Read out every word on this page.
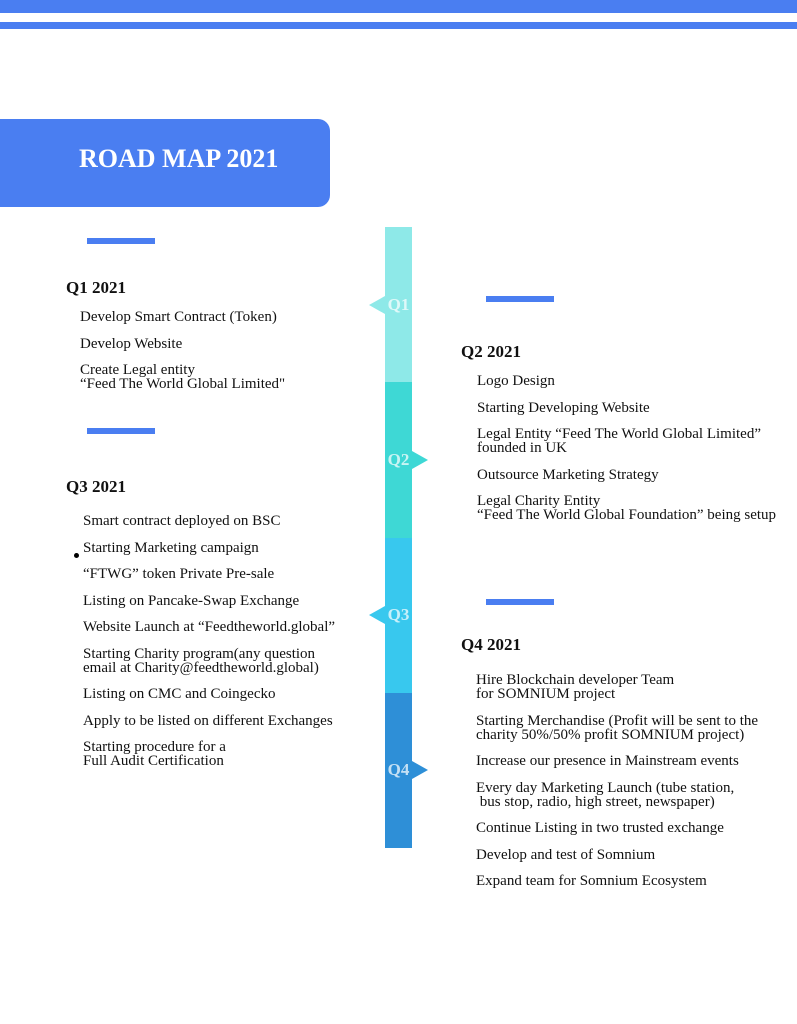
ROAD MAP 2021
Q1
Q2
Q3
Q4
Q1 2021
Develop Smart Contract (Token)
Develop Website
Create Legal entity
“Feed The World Global Limited"
Q3 2021
Smart contract deployed on BSC
Starting Marketing campaign
“FTWG” token Private Pre-sale
Listing on Pancake-Swap Exchange
Website Launch at “Feedtheworld.global”
Starting Charity program(any question
email at Charity@feedtheworld.global)
Listing on CMC and Coingecko
Apply to be listed on different Exchanges
Starting procedure for a
Full Audit Certification
Q2 2021
Logo Design
Starting Developing Website
Legal Entity “Feed The World Global Limited”
founded in UK
Outsource Marketing Strategy
Legal Charity Entity
“Feed The World Global Foundation” being setup
Q4 2021
Hire Blockchain developer Team
for SOMNIUM project
Starting Merchandise (Profit will be sent to the
charity 50%/50% profit SOMNIUM project)
Increase our presence in Mainstream events
Every day Marketing Launch (tube station,
bus stop, radio, high street, newspaper)
Continue Listing in two trusted exchange
Develop and test of Somnium
Expand team for Somnium Ecosystem
